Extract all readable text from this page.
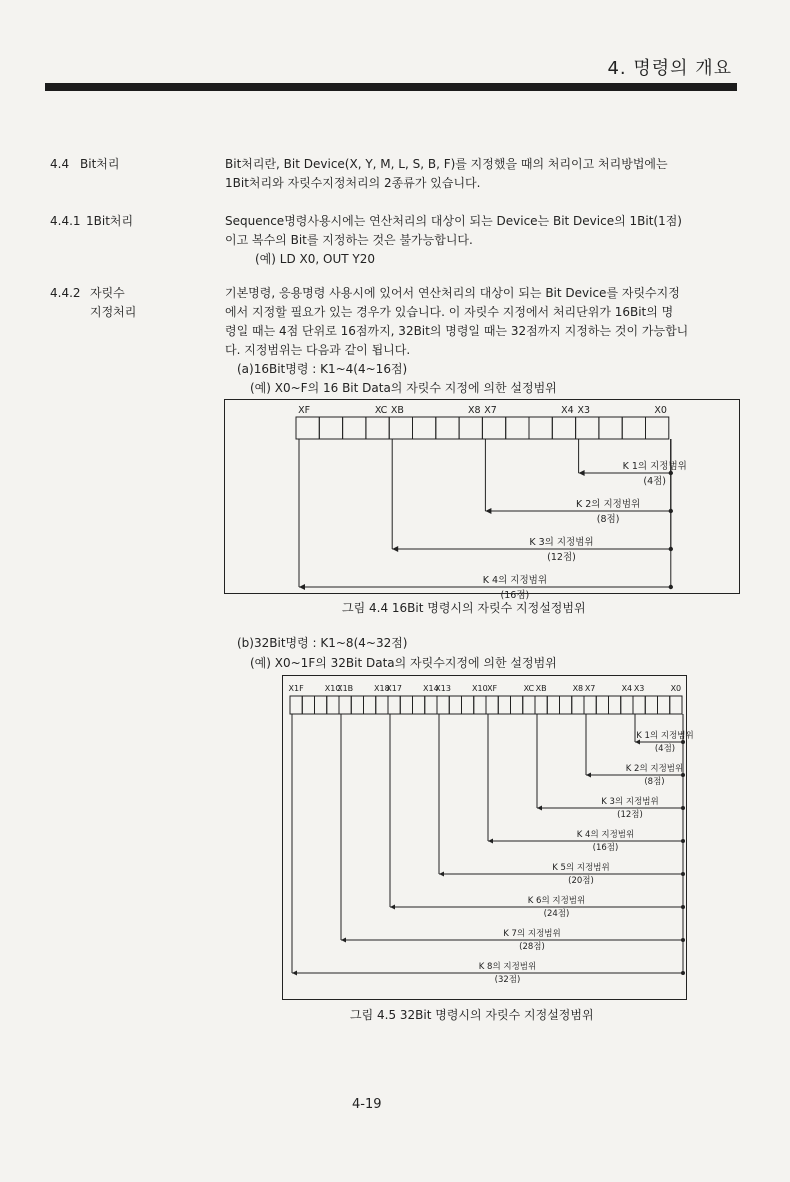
4. 명령의 개요
4.4 Bit처리	Bit처리란, Bit Device(X, Y, M, L, S, B, F)를 지정했을 때의 처리이고 처리방법에는
1Bit처리와 자릿수지정처리의 2종류가 있습니다.
4.4.1 1Bit처리	Sequence명령사용시에는 연산처리의 대상이 되는 Device는 Bit Device의 1Bit(1점)
이고 복수의 Bit를 지정하는 것은 불가능합니다.
(예) LD X0, OUT Y20
4.4.2 자릿수
지정처리
기본명령, 응용명령 사용시에 있어서 연산처리의 대상이 되는 Bit Device를 자릿수지정
에서 지정할 필요가 있는 경우가 있습니다. 이 자릿수 지정에서 처리단위가 16Bit의 명
령일 때는 4점 단위로 16점까지, 32Bit의 명령일 때는 32점까지 지정하는 것이 가능합니
다. 지정범위는 다음과 같이 됩니다.
(a)16Bit명령 : K1~4(4~16점)
(예) X0~F의 16 Bit Data의 자릿수 지정에 의한 설정범위
XF	XC XB	X8 X7	X4 X3	X0
K 1의 지정범위
(4점)
K 2의 지정범위
(8점)
K 3의 지정범위
(12점)
K 4의 지정범위
(16점)
그림 4.4 16Bit 명령시의 자릿수 지정설정범위
(b)32Bit명령 : K1~8(4~32점)
(예) X0~1F의 32Bit Data의 자릿수지정에 의한 설정범위
X1F	X1C
X1B	X18
X17	X14
X13	X10 XF	XC XB	X8 X7	X4 X3	X0
K 1의 지정범위
(4점)
K 2의 지정범위
(8점)
K 3의 지정범위
(12점)
K 4의 지정범위
(16점)
K 5의 지정범위
(20점)
K 6의 지정범위
(24점)
K 7의 지정범위
(28점)
K 8의 지정범위
(32점)
그림 4.5 32Bit 명령시의 자릿수 지정설정범위
4-19
